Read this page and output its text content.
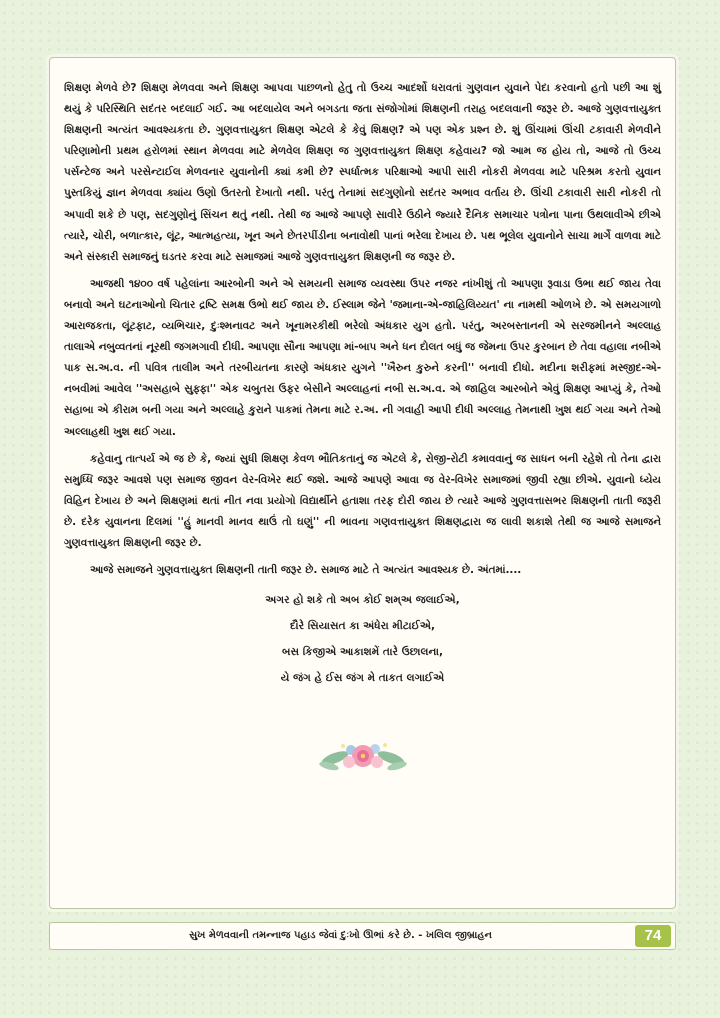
શિક્ષણ મેળવે છે? શિક્ષણ મેળવવા અને શિક્ષણ આપવા પાછળનો હેતુ તો ઉચ્ચ આદર્શો ધરાવતાં ગુણવાન યુવાને પેદા કરવાનો હતો પછી આ શું થયું કે પરિસ્થિતિ સદંતર બદલાઈ ગઈ. આ બદલાયેલ અને બગડતા જતા સંજોગોમાં શિક્ષણની તરાહ બદલવાની જરૂર છે. આજે ગુણવત્તાયુક્ત શિક્ષણની અત્યંત આવશ્યકતા છે. ગુણવત્તાયુક્ત શિક્ષણ એટલે કે કેવું શિક્ષણ? એ પણ એક પ્રશ્ન છે. શું ઊંચામાં ઊંચી ટકાવારી મેળવીને પરિણામોની પ્રથમ હરોળમાં સ્થાન મેળવવા માટે મેળવેલ શિક્ષણ જ ગુણવત્તાયુક્ત શિક્ષણ કહેવાય? જો આમ જ હોય તો, આજે તો ઉચ્ચ પર્સન્ટેજ અને પરસેન્ટાઈલ મેળવનાર યુવાનોની ક્યાં કમી છે? સ્પર્ધાત્મક પરિક્ષાઓ આપી સારી નોકરી મેળવવા માટે પરિશ્રમ કરતો યુવાન પુસ્તકિયું જ્ઞાન મેળવવા ક્યાંય ઉણો ઉતરતો દેખાતો નથી. પરંતુ તેનામાં સદગુણોનો સદંતર અભાવ વર્તાય છે. ઊંચી ટકાવારી સારી નોકરી તો અપાવી શકે છે પણ, સદગુણોનું સિંચન થતું નથી. તેથી જ આજે આપણે સાવીરે ઉઠીને જ્યારે દૈનિક સમાચાર પત્રોના પાના ઉથલાવીએ છીએ ત્યારે, ચોરી, બળાત્કાર, લૂંટ, આત્મહત્યા, ખૂન અને છેતરપીંડીના બનાવોથી પાનાં ભરેલા દેખાય છે. પથ ભૂલેલ યુવાનોને સાચા માર્ગે વાળવા માટે અને સંસ્કારી સમાજનું ઘડતર કરવા માટે સમાજમાં આજે ગુણવત્તાયુક્ત શિક્ષણની જ જરૂર છે.

આજથી ૧૪૦૦ વર્ષ પહેલાંના આરબોની અને એ સમયની સમાજ વ્યવસ્થા ઉપર નજર નાંખીશું તો આપણા રૂવાડા ઉભા થઈ જાય તેવા બનાવો અને ઘટનાઓનો ચિતાર દ્રષ્ટિ સમક્ષ ઉભો થઈ જાય છે. ઈસ્લામ જેને 'જમાના-એ-જાહિલિય્યત' ના નામથી ઓળખે છે. એ સમયગાળો આરાજકતા, લૂંટફાટ, વ્યભિચાર, દુઃશ્મનાવટ અને ખૂનામરકીથી ભરેલો અંધકાર યુગ હતો. પરંતુ, અરબસ્તાનની એ સરજમીનને અલ્લાહ તાલાએ નબુવ્વતનાં નૂરથી જગમગાવી દીધી. આપણા સૌના આપણા માં-બાપ અને ધન દોલત બધું જ જેમના ઉપર કુરબાન છે તેવા વહાલા નબીએ પાક સ.અ.વ. ની પવિત્ર તાલીમ અને તરબીયતના કારણે અંધકાર યુગને ''ખૈરુન કુરુને કરની'' બનાવી દીધો. મદીના શરીફમાં મસ્જીદ-એ-નબવીમાં આવેલ ''અસહાબે સુફ્ફા'' એક ચબુતરા ઉફર બેસીને અલ્લાહનાં નબી સ.અ.વ. એ જાહિલ આરબોને એવું શિક્ષણ આપ્યું કે, તેઓ સહાબા એ કીરામ બની ગયા અને અલ્લાહે કુરાને પાકમાં તેમના માટે ર.અ. ની ગવાહી આપી દીધી અલ્લાહ તેમનાથી ખુશ થઈ ગયા અને તેઓ અલ્લાહથી ખુશ થઈ ગયા.

કહેવાનુ તાત્પર્ય એ જ છે કે, જ્યાં સુધી શિક્ષણ કેવળ ભૌતિકતાનું જ એટલે કે, રોજી-રોટી કમાવવાનું જ સાધન બની રહેશે તો તેના દ્વારા સમુધ્ધિ જરૂર આવશે પણ સમાજ જીવન વેર-વિખેર થઈ જશે. આજે આપણે આવા જ વેર-વિખેર સમાજમાં જીવી રહ્યા છીએ. યુવાનો ધ્યેય વિહિન દેખાય છે અને શિક્ષણમાં થતાં નીત નવા પ્રયોગો વિદ્યાર્થીને હતાશા તરફ દોરી જાય છે ત્યારે આજે ગુણવત્તાસભર શિક્ષણની તાતી જરૂરી છે. દરેક યુવાનના દિલમાં ''હું માનવી માનવ થાઉં તો ઘણું'' ની ભાવના ગણવત્તાયુક્ત શિક્ષણદ્વારા જ લાવી શકાશે તેથી જ આજે સમાજને ગુણવત્તાયુક્ત શિક્ષણની જરૂર છે.

આજે સમાજને ગુણવત્તાયુક્ત શિક્ષણની તાતી જરૂર છે. સમાજ માટે તે અત્યંત આવશ્યક છે. અંતમાં....

અગર હો શકે તો અબ કોઈ શમ્અ જલાઈએ,
દૌરે સિયાસત કા અંધેરા મીટાઈએ,
બસ કિજીએ આકાશમેં તારે ઉછાલના,
યે જંગ હે ઈસ જંગ મે તાકત લગાઈએ
સુખ મેળવવાની તમન્નાજ પહાડ જેવાં દુઃખો ઊભાં કરે છે. - ખલિલ જીબ્રાહન	74
